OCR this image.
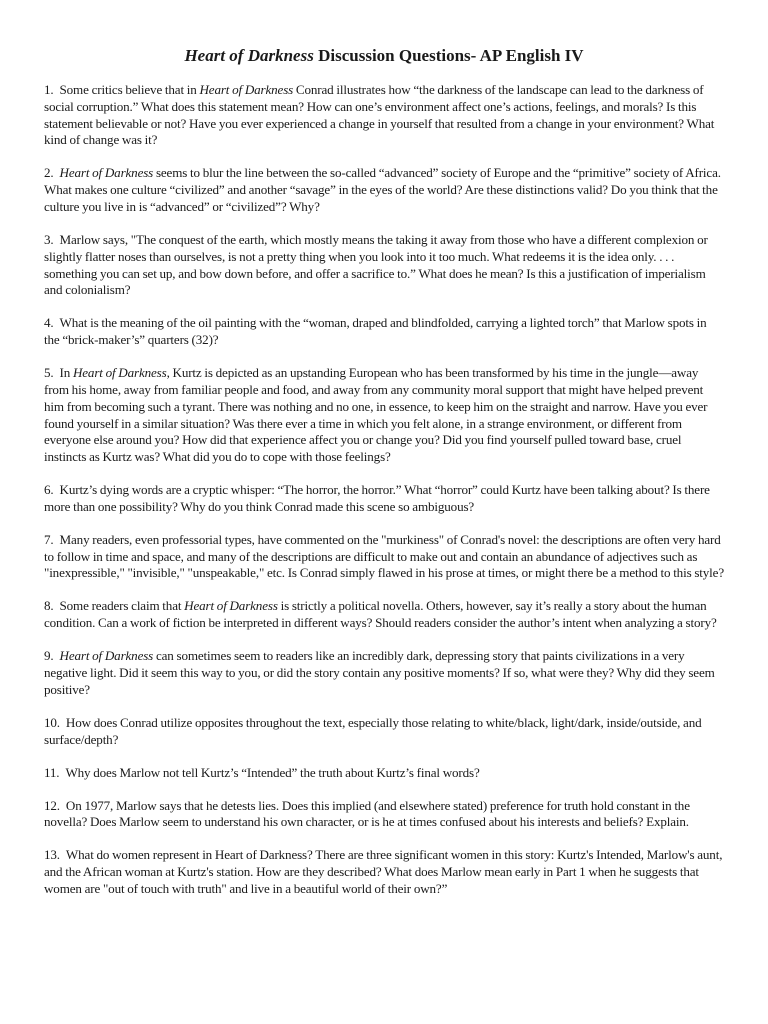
Heart of Darkness Discussion Questions- AP English IV

1. Some critics believe that in Heart of Darkness Conrad illustrates how “the darkness of the landscape can lead to the darkness of social corruption.” What does this statement mean? How can one’s environment affect one’s actions, feelings, and morals? Is this statement believable or not? Have you ever experienced a change in yourself that resulted from a change in your environment? What kind of change was it?

2. Heart of Darkness seems to blur the line between the so-called “advanced” society of Europe and the “primitive” society of Africa. What makes one culture “civilized” and another “savage” in the eyes of the world? Are these distinctions valid? Do you think that the culture you live in is “advanced” or “civilized”? Why?

3. Marlow says, "The conquest of the earth, which mostly means the taking it away from those who have a different complexion or slightly flatter noses than ourselves, is not a pretty thing when you look into it too much. What redeems it is the idea only. . . . something you can set up, and bow down before, and offer a sacrifice to.” What does he mean? Is this a justification of imperialism and colonialism?

4. What is the meaning of the oil painting with the “woman, draped and blindfolded, carrying a lighted torch” that Marlow spots in the “brick-maker’s” quarters (32)?

5. In Heart of Darkness, Kurtz is depicted as an upstanding European who has been transformed by his time in the jungle—away from his home, away from familiar people and food, and away from any community moral support that might have helped prevent him from becoming such a tyrant. There was nothing and no one, in essence, to keep him on the straight and narrow. Have you ever found yourself in a similar situation? Was there ever a time in which you felt alone, in a strange environment, or different from everyone else around you? How did that experience affect you or change you? Did you find yourself pulled toward base, cruel instincts as Kurtz was? What did you do to cope with those feelings?

6. Kurtz’s dying words are a cryptic whisper: “The horror, the horror.” What “horror” could Kurtz have been talking about? Is there more than one possibility? Why do you think Conrad made this scene so ambiguous?

7. Many readers, even professorial types, have commented on the "murkiness" of Conrad's novel: the descriptions are often very hard to follow in time and space, and many of the descriptions are difficult to make out and contain an abundance of adjectives such as "inexpressible," "invisible," "unspeakable," etc. Is Conrad simply flawed in his prose at times, or might there be a method to this style?

8. Some readers claim that Heart of Darkness is strictly a political novella. Others, however, say it’s really a story about the human condition. Can a work of fiction be interpreted in different ways? Should readers consider the author’s intent when analyzing a story?

9. Heart of Darkness can sometimes seem to readers like an incredibly dark, depressing story that paints civilizations in a very negative light. Did it seem this way to you, or did the story contain any positive moments? If so, what were they? Why did they seem positive?

10. How does Conrad utilize opposites throughout the text, especially those relating to white/black, light/dark, inside/outside, and surface/depth?

11. Why does Marlow not tell Kurtz’s “Intended” the truth about Kurtz’s final words?

12. On 1977, Marlow says that he detests lies. Does this implied (and elsewhere stated) preference for truth hold constant in the novella? Does Marlow seem to understand his own character, or is he at times confused about his interests and beliefs? Explain.

13. What do women represent in Heart of Darkness? There are three significant women in this story: Kurtz's Intended, Marlow's aunt, and the African woman at Kurtz's station. How are they described? What does Marlow mean early in Part 1 when he suggests that women are "out of touch with truth" and live in a beautiful world of their own?”
